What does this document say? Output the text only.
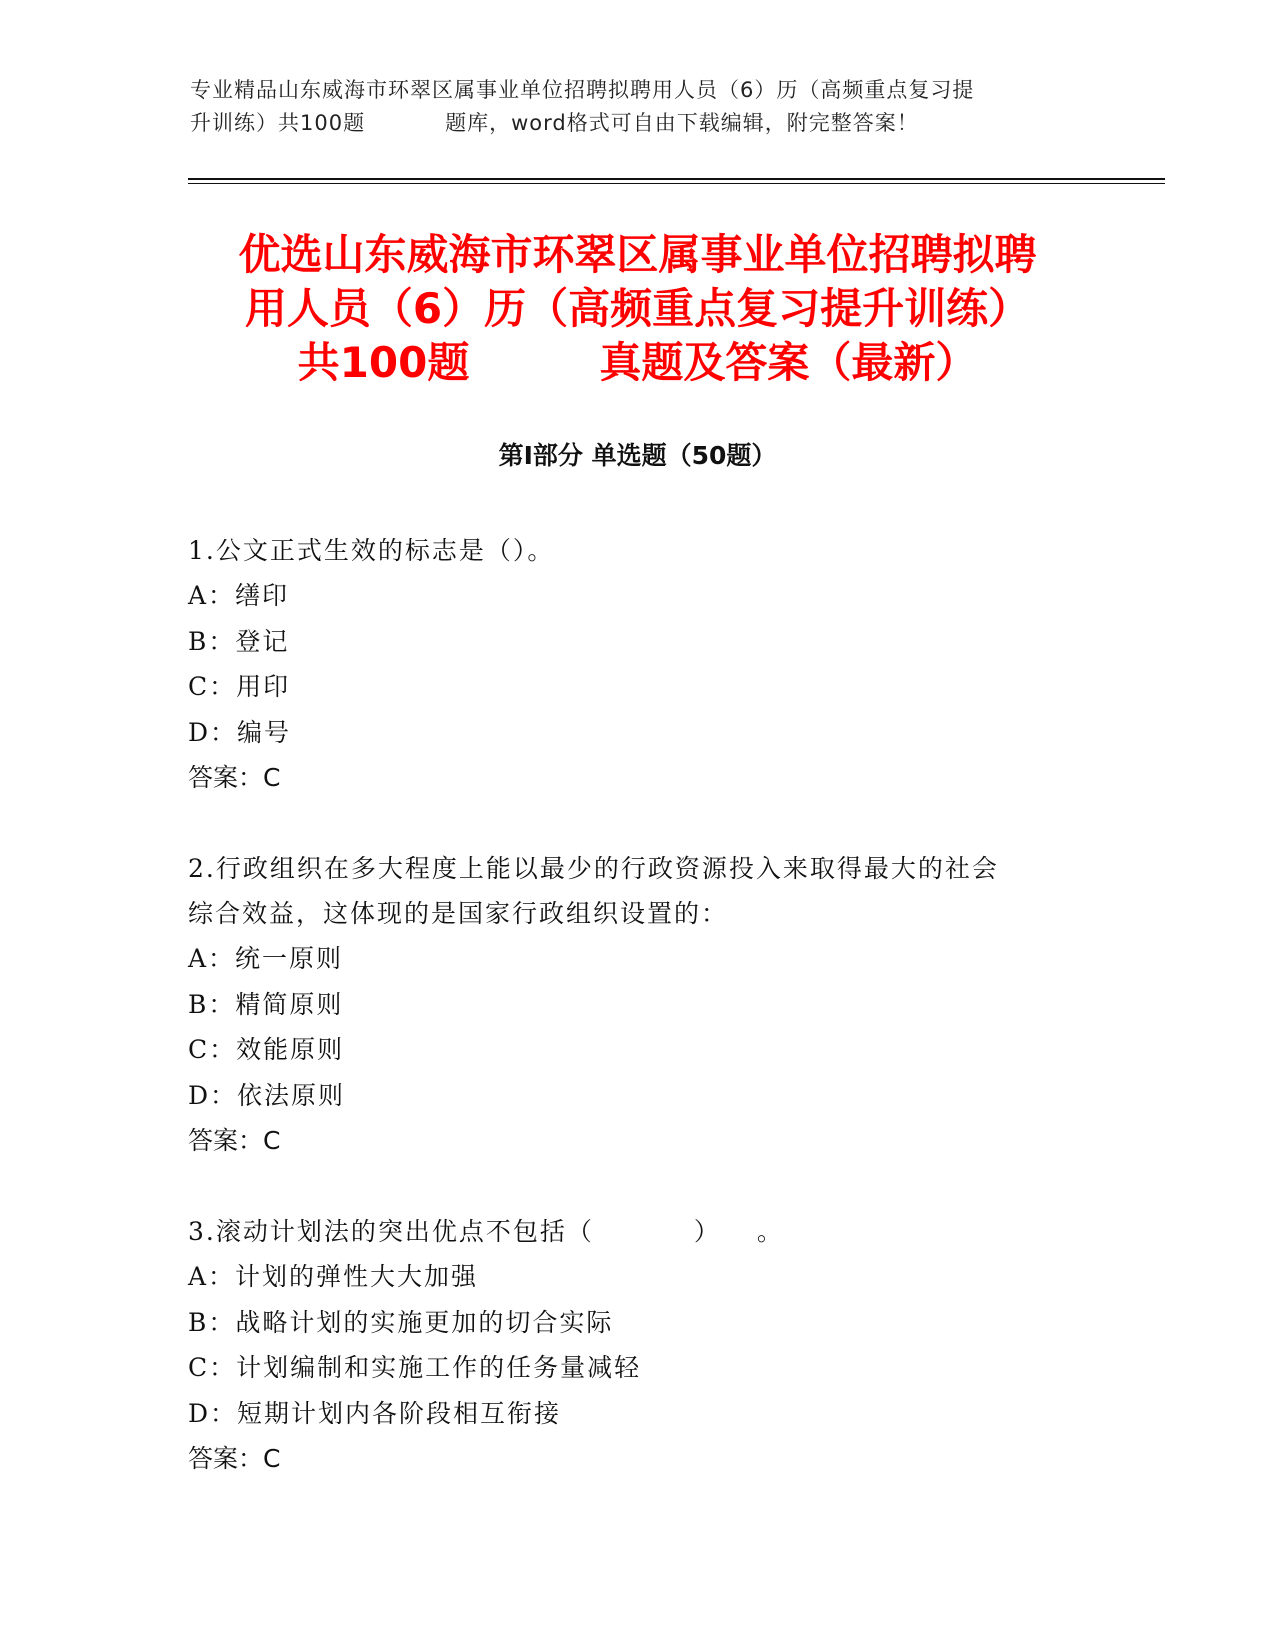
专业精品山东威海市环翠区属事业单位招聘拟聘用人员（6）历（高频重点复习提
升训练）共100题	题库，word格式可自由下载编辑，附完整答案！
优选山东威海市环翠区属事业单位招聘拟聘
用人员（6）历（高频重点复习提升训练）
共100题	真题及答案（最新）
第Ⅰ部分 单选题（50题）

1.公文正式生效的标志是（）。

A：缮印

B：登记

C：用印

D：编号

答案：C

2.行政组织在多大程度上能以最少的行政资源投入来取得最大的社会

综合效益，这体现的是国家行政组织设置的：

A：统一原则

B：精简原则

C：效能原则

D：依法原则

答案：C

3.滚动计划法的突出优点不包括（	） 。

A：计划的弹性大大加强

B：战略计划的实施更加的切合实际

C：计划编制和实施工作的任务量减轻

D：短期计划内各阶段相互衔接

答案：C
